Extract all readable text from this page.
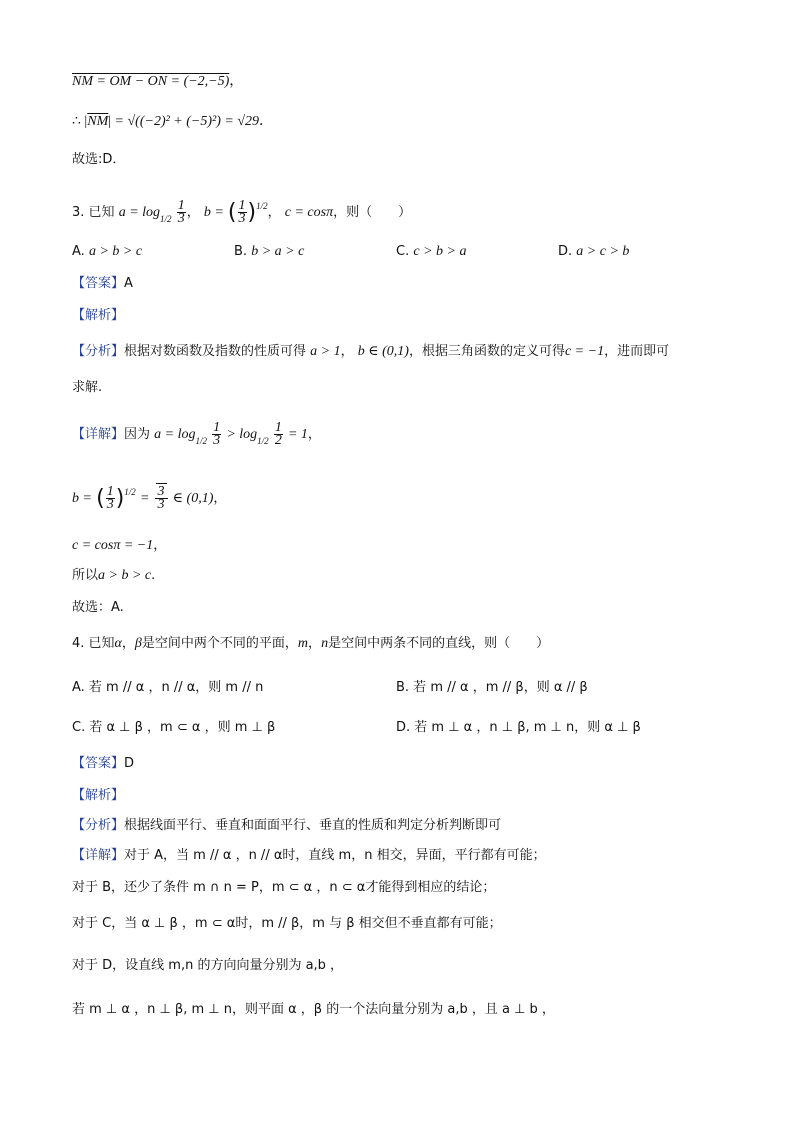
NM = OM − ON = (−2,−5)，
∴ $|\overline{NM}| = √((-2)^2 + (-5)^2) = √29$．
故选:D．
3. 已知 $a = \log_{1/2} \frac{1}{3}$ ， b = ( $\frac{1}{3} )^{1/2}$， c = cosπ，则（　　）
A. a > b > c	B. b > a > c	C. c > b > a	D. a > c > b
【答案】A
【解析】
【分析】根据对数函数及指数的性质可得 a > 1， b ∈ (0,1)，根据三角函数的定义可得c = −1，进而即可
求解.
【详解】因为 $a = \log_{1/2} \frac{1}{3} > \log_{1/2} \frac{1}{2} = 1$，
b = ( $\frac{1}{3} )^{1/2} = \frac{3}{3}$ ∈ (0,1)，
c = cosπ = −1，
所以a > b > c.
故选：A.
4. 已知α，β是空间中两个不同的平面，m，n是空间中两条不同的直线，则（　　）
A. 若 m // α ，n // α，则 m // n	B. 若 m // α ，m // β，则 α // β
C. 若 α ⊥ β ，m ⊂ α ，则 m ⊥ β	D. 若 m ⊥ α ，n ⊥ β, m ⊥ n，则 α ⊥ β
【答案】D
【解析】
【分析】根据线面平行、垂直和面面平行、垂直的性质和判定分析判断即可
【详解】对于 A，当 m // α ，n // α时，直线 m，n 相交，异面，平行都有可能；
对于 B，还少了条件 m ∩ n = P，m ⊂ α ，n ⊂ α才能得到相应的结论；
对于 C，当 α ⊥ β ，m ⊂ α时，m // β，m 与 β 相交但不垂直都有可能；
对于 D，设直线 m,n 的方向向量分别为 a,b ，
若 m ⊥ α ，n ⊥ β, m ⊥ n，则平面 α ，β 的一个法向量分别为 a,b ，且 a ⊥ b ，
